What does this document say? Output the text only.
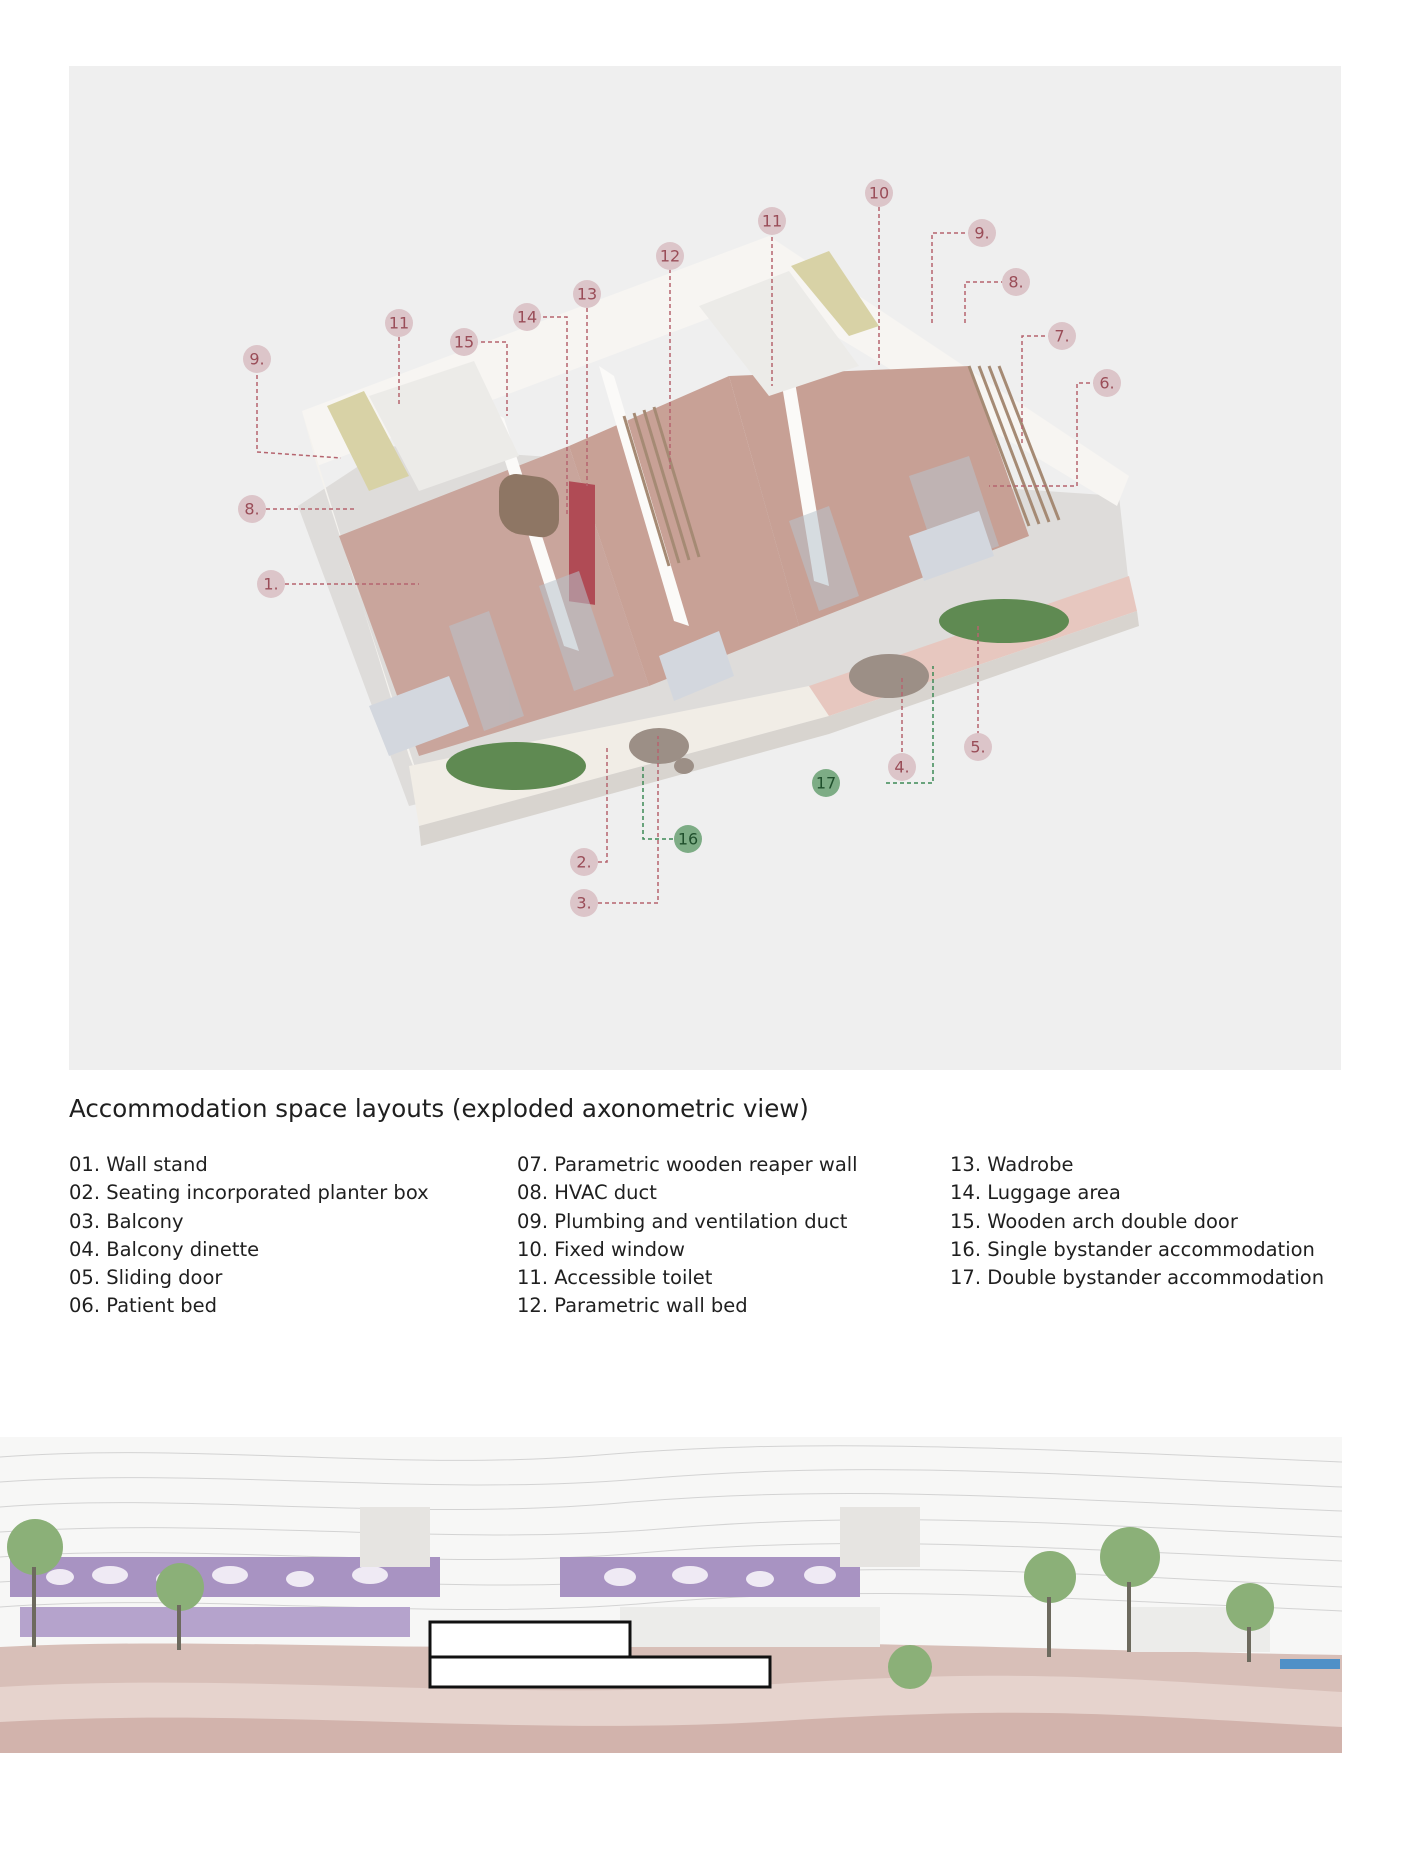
9.
8.
1.
11
15
14
13
12
11
10
9.
8.
7.
6.
5.
4.
2.
3.
17
16
Accommodation space layouts (exploded axonometric view)
01. Wall stand
02. Seating incorporated planter box
03. Balcony
04. Balcony dinette
05. Sliding door
06. Patient bed
07. Parametric wooden reaper wall
08. HVAC duct
09. Plumbing and ventilation duct
10. Fixed window
11. Accessible toilet
12. Parametric wall bed
13. Wadrobe
14. Luggage area
15. Wooden arch double door
16. Single bystander accommodation
17. Double bystander accommodation
